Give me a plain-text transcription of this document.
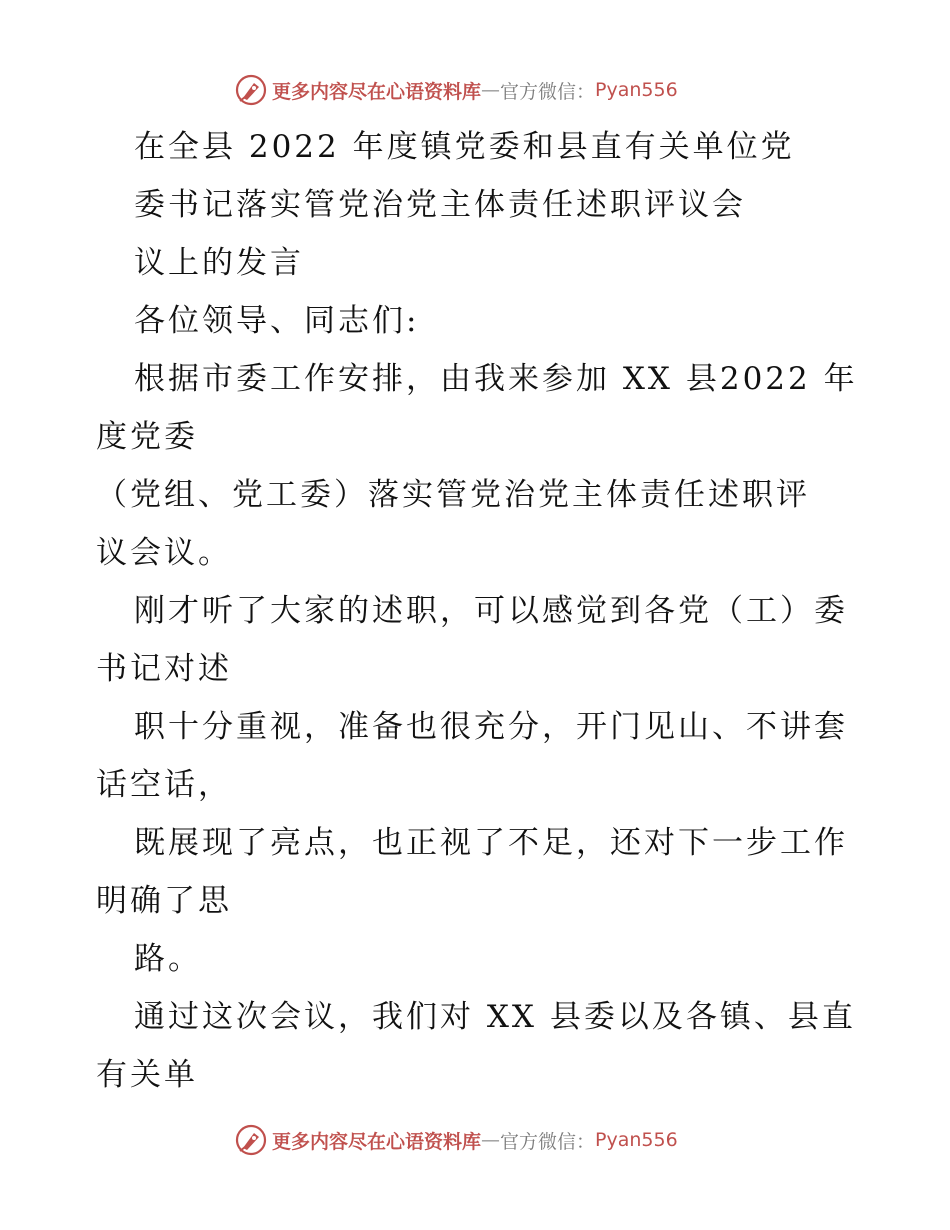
更多内容尽在心语资料库 — 官方微信： Pyan556
在全县 2022 年度镇党委和县直有关单位党
委书记落实管党治党主体责任述职评议会
议上的发言
各位领导、同志们:
根据市委工作安排，由我来参加 XX 县2022 年
度党委
（党组、党工委）落实管党治党主体责任述职评
议会议。
刚才听了大家的述职，可以感觉到各党（工）委
书记对述
职十分重视，准备也很充分，开门见山、不讲套
话空话，
既展现了亮点，也正视了不足，还对下一步工作
明确了思
路。
通过这次会议，我们对 XX 县委以及各镇、县直
有关单
更多内容尽在心语资料库 — 官方微信： Pyan556
